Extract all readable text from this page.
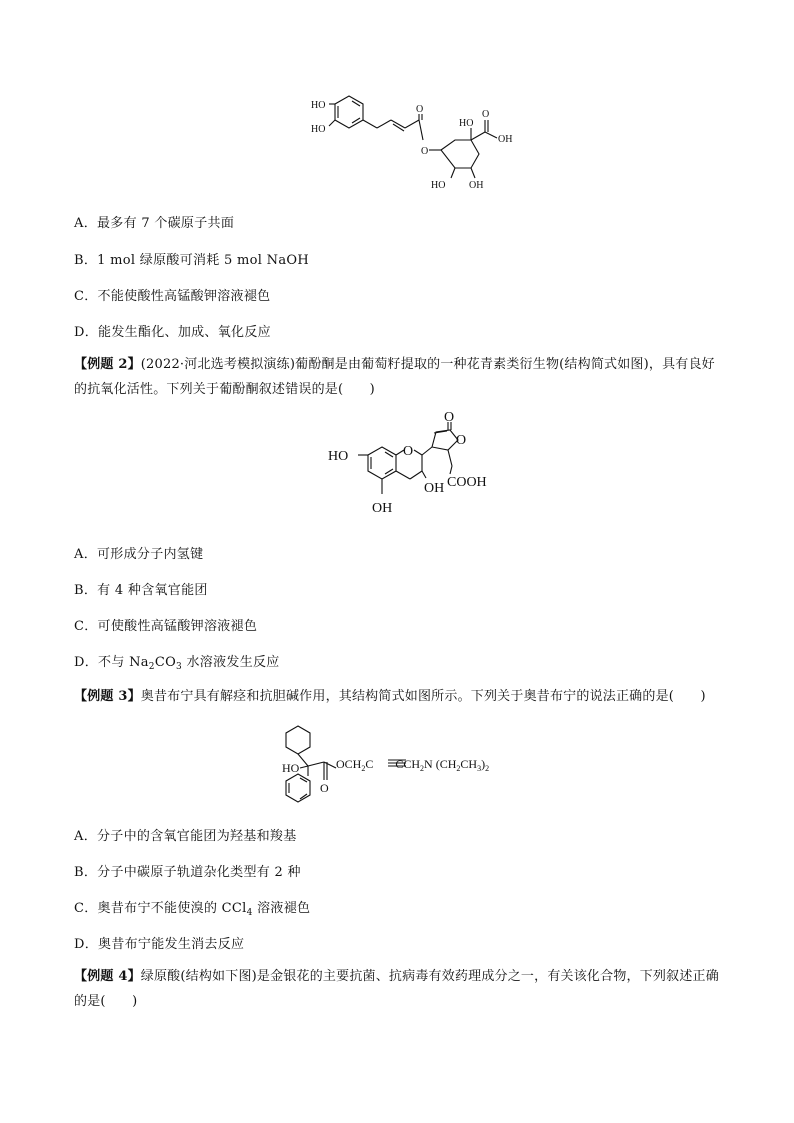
HO
HO
O
O
HO
O
OH
HO OH
A．最多有 7 个碳原子共面
B．1 mol 绿原酸可消耗 5 mol NaOH
C．不能使酸性高锰酸钾溶液褪色
D．能发生酯化、加成、氧化反应
【例题 2】(2022·河北选考模拟演练)葡酚酮是由葡萄籽提取的一种花青素类衍生物(结构简式如图)，具有良好的抗氧化活性。下列关于葡酚酮叙述错误的是(　　)
HO	O
O
O
OH COOH
OH
A．可形成分子内氢键
B．有 4 种含氧官能团
C．可使酸性高锰酸钾溶液褪色
D．不与 $Na_2CO_3$ 水溶液发生反应
【例题 3】奥昔布宁具有解痉和抗胆碱作用，其结构简式如图所示。下列关于奥昔布宁的说法正确的是(　　)
HO
O
$OCH_2C$ $CCH_2N$ $(CH_2CH_3)_2$
A．分子中的含氧官能团为羟基和羧基
B．分子中碳原子轨道杂化类型有 2 种
C．奥昔布宁不能使溴的 CCl$_4$ 溶液褪色
D．奥昔布宁能发生消去反应
【例题 4】绿原酸(结构如下图)是金银花的主要抗菌、抗病毒有效药理成分之一，有关该化合物，下列叙述正确的是(　　)
